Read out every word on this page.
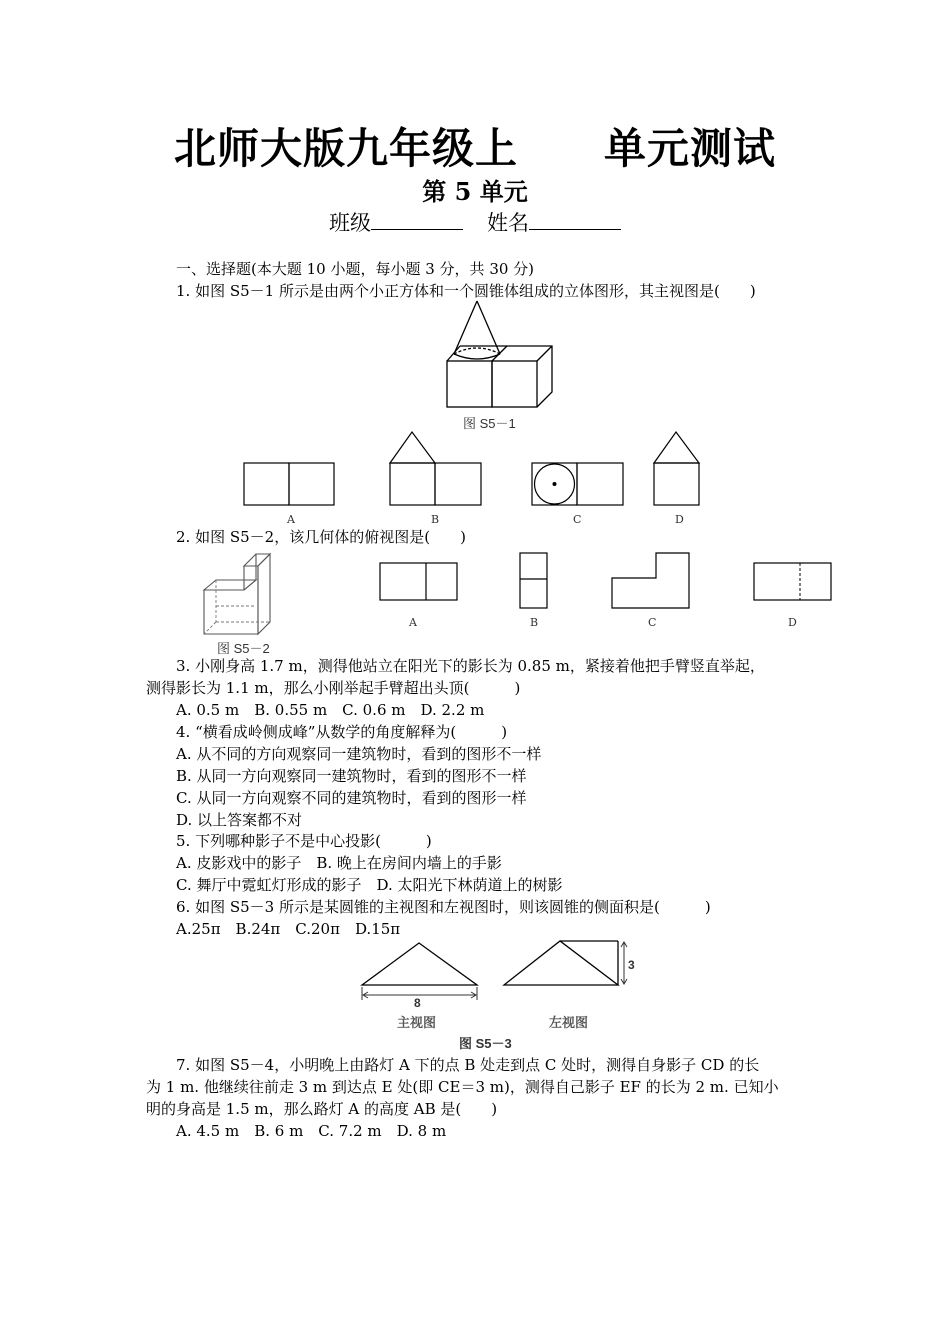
北师大版九年级上　　单元测试
第 5 单元
班级	姓名
一、选择题(本大题 10 小题，每小题 3 分，共 30 分)
1. 如图 S5－1 所示是由两个小正方体和一个圆锥体组成的立体图形，其主视图是(　　)
图 S5－1
A	B	C	D
2. 如图 S5－2，该几何体的俯视图是(　　)
图 S5－2
A	B	C	D
3. 小刚身高 1.7 m，测得他站立在阳光下的影长为 0.85 m，紧接着他把手臂竖直举起，
测得影长为 1.1 m，那么小刚举起手臂超出头顶(　　　)
A. 0.5 m　B. 0.55 m　C. 0.6 m　D. 2.2 m
4. “横看成岭侧成峰”从数学的角度解释为(　　　)
A. 从不同的方向观察同一建筑物时，看到的图形不一样
B. 从同一方向观察同一建筑物时，看到的图形不一样
C. 从同一方向观察不同的建筑物时，看到的图形一样
D. 以上答案都不对
5. 下列哪种影子不是中心投影(　　　)
A. 皮影戏中的影子　B. 晚上在房间内墙上的手影
C. 舞厅中霓虹灯形成的影子　D. 太阳光下林荫道上的树影
6. 如图 S5－3 所示是某圆锥的主视图和左视图时，则该圆锥的侧面积是(　　　)
A.25π　B.24π　C.20π　D.15π
8
主视图
3
左视图
图 S5－3
7. 如图 S5－4，小明晚上由路灯 A 下的点 B 处走到点 C 处时，测得自身影子 CD 的长
为 1 m. 他继续往前走 3 m 到达点 E 处(即 CE＝3 m)，测得自己影子 EF 的长为 2 m. 已知小
明的身高是 1.5 m，那么路灯 A 的高度 AB 是(　　)
A. 4.5 m　B. 6 m　C. 7.2 m　D. 8 m
